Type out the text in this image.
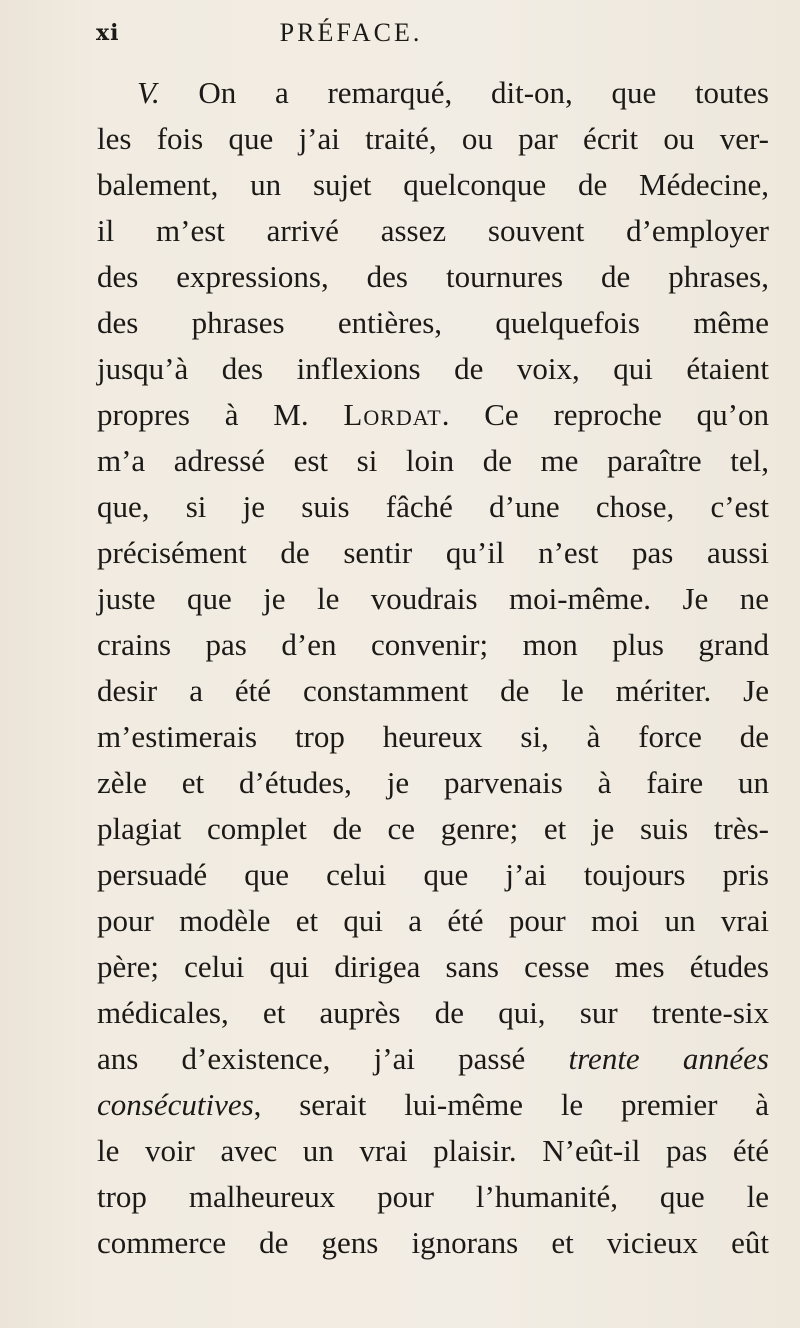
xi	PRÉFACE.
V. On a remarqué, dit-on, que toutes
les fois que j’ai traité, ou par écrit ou ver-
balement, un sujet quelconque de Médecine,
il m’est arrivé assez souvent d’employer
des expressions, des tournures de phrases,
des phrases entières, quelquefois même
jusqu’à des inflexions de voix, qui étaient
propres à M. Lordat. Ce reproche qu’on
m’a adressé est si loin de me paraître tel,
que, si je suis fâché d’une chose, c’est
précisément de sentir qu’il n’est pas aussi
juste que je le voudrais moi-même. Je ne
crains pas d’en convenir; mon plus grand
desir a été constamment de le mériter. Je
m’estimerais trop heureux si, à force de
zèle et d’études, je parvenais à faire un
plagiat complet de ce genre; et je suis très-
persuadé que celui que j’ai toujours pris
pour modèle et qui a été pour moi un vrai
père; celui qui dirigea sans cesse mes études
médicales, et auprès de qui, sur trente-six
ans d’existence, j’ai passé trente années
consécutives, serait lui-même le premier à
le voir avec un vrai plaisir. N’eût-il pas été
trop malheureux pour l’humanité, que le
commerce de gens ignorans et vicieux eût
